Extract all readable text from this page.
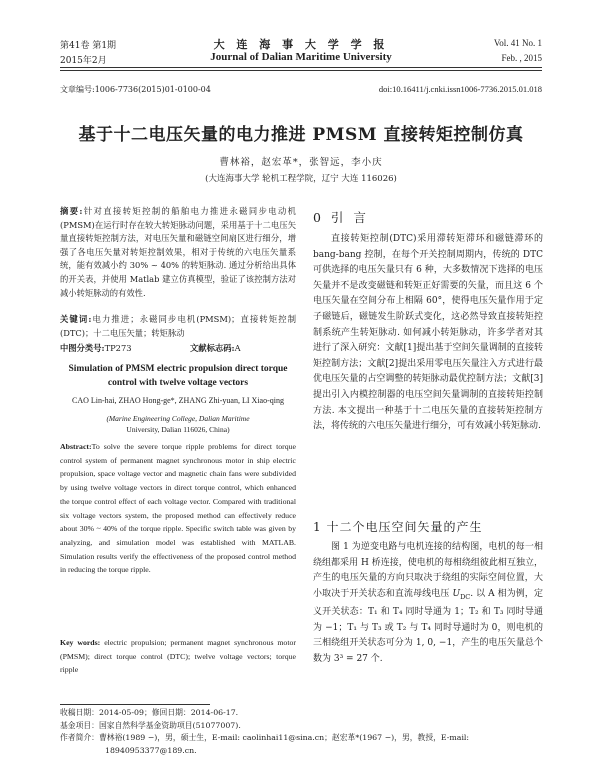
第41卷 第1期	大 连 海 事 大 学 学 报	Vol. 41 No. 1
2015年2月	Journal of Dalian Maritime University	Feb. , 2015
文章编号:1006-7736(2015)01-0100-04	doi:10.16411/j.cnki.issn1006-7736.2015.01.018
基于十二电压矢量的电力推进 PMSM 直接转矩控制仿真
曹林裕，赵宏革*，张智远，李小庆
(大连海事大学 轮机工程学院，辽宁 大连 116026)
摘要:针对直接转矩控制的船舶电力推进永磁同步电动机(PMSM)在运行时存在较大转矩脉动问题，采用基于十二电压矢量直接转矩控制方法，对电压矢量和磁链空间扇区进行细分，增强了各电压矢量对转矩控制效果，相对于传统的六电压矢量系统，能有效减小约 30% ~ 40% 的转矩脉动. 通过分析给出具体的开关表，并使用 Matlab 建立仿真模型，验证了该控制方法对减小转矩脉动的有效性.
关键词:电力推进；永磁同步电机(PMSM)；直接转矩控制(DTC)；十二电压矢量；转矩脉动
中图分类号:TP273	文献标志码:A
Simulation of PMSM electric propulsion direct torque control with twelve voltage vectors
CAO Lin-hai, ZHAO Hong-ge*, ZHANG Zhi-yuan, LI Xiao-qing
(Marine Engineering College, Dalian Maritime
University, Dalian 116026, China)
Abstract:To solve the severe torque ripple problems for direct torque control system of permanent magnet synchronous motor in ship electric propulsion, space voltage vector and magnetic chain fans were subdivided by using twelve voltage vectors in direct torque control, which enhanced the torque control effect of each voltage vector. Compared with traditional six voltage vectors system, the proposed method can effectively reduce about 30% ~ 40% of the torque ripple. Specific switch table was given by analyzing, and simulation model was established with MATLAB. Simulation results verify the effectiveness of the proposed control method in reducing the torque ripple.
Key words: electric propulsion; permanent magnet synchronous motor (PMSM); direct torque control (DTC); twelve voltage vectors; torque ripple
0 引 言
直接转矩控制(DTC)采用滞转矩滞环和磁链滞环的 bang-bang 控制，在每个开关控制周期内，传统的 DTC 可供选择的电压矢量只有 6 种，大多数情况下选择的电压矢量并不是改变磁链和转矩正好需要的矢量，而且这 6 个电压矢量在空间分布上相隔 60°，使得电压矢量作用于定子磁链后，磁链发生阶跃式变化，这必然导致直接转矩控制系统产生转矩脉动. 如何减小转矩脉动，许多学者对其进行了深入研究：文献[1]提出基于空间矢量调制的直接转矩控制方法；文献[2]提出采用零电压矢量注入方式进行最优电压矢量的占空调整的转矩脉动最优控制方法；文献[3]提出引入内模控制器的电压空间矢量调制的直接转矩控制方法. 本文提出一种基于十二电压矢量的直接转矩控制方法，将传统的六电压矢量进行细分，可有效减小转矩脉动.
1 十二个电压空间矢量的产生
图 1 为逆变电路与电机连接的结构图，电机的每一相绕组都采用 H 桥连接，使电机的每相绕组彼此相互独立，产生的电压矢量的方向只取决于绕组的实际空间位置，大小取决于开关状态和直流母线电压 $U_{DC}$. 以 A 相为例，定义开关状态：T₁ 和 T₄ 同时导通为 1；T₂ 和 T₃ 同时导通为 −1；T₁ 与 T₃ 或 T₂ 与 T₄ 同时导通时为 0，则电机的三相绕组开关状态可分为 1, 0, −1，产生的电压矢量总个数为 3³ = 27 个.
收稿日期：2014-05-09；修回日期：2014-06-17.
基金项目：国家自然科学基金资助项目(51077007).
作者简介：曹林裕(1989 −)，男，硕士生，E-mail: caolinhai11@sina.cn；赵宏革*(1967 −)，男，教授，E-mail:
18940953377@189.cn.
